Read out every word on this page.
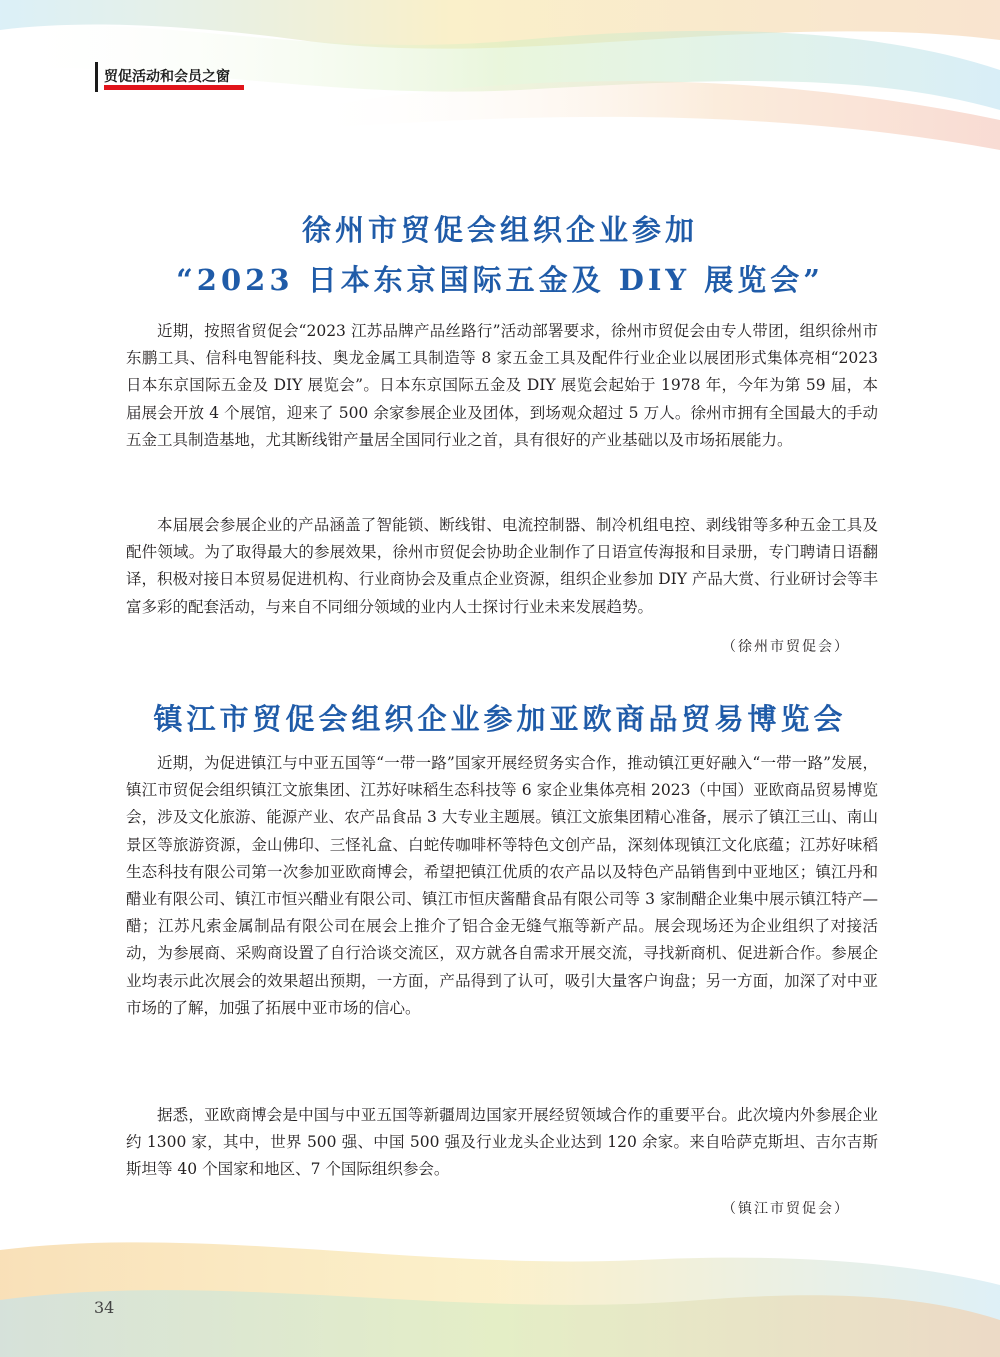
贸促活动和会员之窗
徐州市贸促会组织企业参加
“2023 日本东京国际五金及 DIY 展览会”

近期，按照省贸促会“2023 江苏品牌产品丝路行”活动部署要求，徐州市贸促会由专人带团，组织徐州市东鹏工具、信科电智能科技、奥龙金属工具制造等 8 家五金工具及配件行业企业以展团形式集体亮相“2023 日本东京国际五金及 DIY 展览会”。日本东京国际五金及 DIY 展览会起始于 1978 年，今年为第 59 届，本届展会开放 4 个展馆，迎来了 500 余家参展企业及团体，到场观众超过 5 万人。徐州市拥有全国最大的手动五金工具制造基地，尤其断线钳产量居全国同行业之首，具有很好的产业基础以及市场拓展能力。

本届展会参展企业的产品涵盖了智能锁、断线钳、电流控制器、制冷机组电控、剥线钳等多种五金工具及配件领域。为了取得最大的参展效果，徐州市贸促会协助企业制作了日语宣传海报和目录册，专门聘请日语翻译，积极对接日本贸易促进机构、行业商协会及重点企业资源，组织企业参加 DIY 产品大赏、行业研讨会等丰富多彩的配套活动，与来自不同细分领域的业内人士探讨行业未来发展趋势。

（徐州市贸促会）
镇江市贸促会组织企业参加亚欧商品贸易博览会

近期，为促进镇江与中亚五国等“一带一路”国家开展经贸务实合作，推动镇江更好融入“一带一路”发展，镇江市贸促会组织镇江文旅集团、江苏好味稻生态科技等 6 家企业集体亮相 2023（中国）亚欧商品贸易博览会，涉及文化旅游、能源产业、农产品食品 3 大专业主题展。镇江文旅集团精心准备，展示了镇江三山、南山景区等旅游资源，金山佛印、三怪礼盒、白蛇传咖啡杯等特色文创产品，深刻体现镇江文化底蕴；江苏好味稻生态科技有限公司第一次参加亚欧商博会，希望把镇江优质的农产品以及特色产品销售到中亚地区；镇江丹和醋业有限公司、镇江市恒兴醋业有限公司、镇江市恒庆酱醋食品有限公司等 3 家制醋企业集中展示镇江特产—醋；江苏凡索金属制品有限公司在展会上推介了铝合金无缝气瓶等新产品。展会现场还为企业组织了对接活动，为参展商、采购商设置了自行洽谈交流区，双方就各自需求开展交流，寻找新商机、促进新合作。参展企业均表示此次展会的效果超出预期，一方面，产品得到了认可，吸引大量客户询盘；另一方面，加深了对中亚市场的了解，加强了拓展中亚市场的信心。

据悉，亚欧商博会是中国与中亚五国等新疆周边国家开展经贸领域合作的重要平台。此次境内外参展企业约 1300 家，其中，世界 500 强、中国 500 强及行业龙头企业达到 120 余家。来自哈萨克斯坦、吉尔吉斯斯坦等 40 个国家和地区、7 个国际组织参会。

（镇江市贸促会）
34
